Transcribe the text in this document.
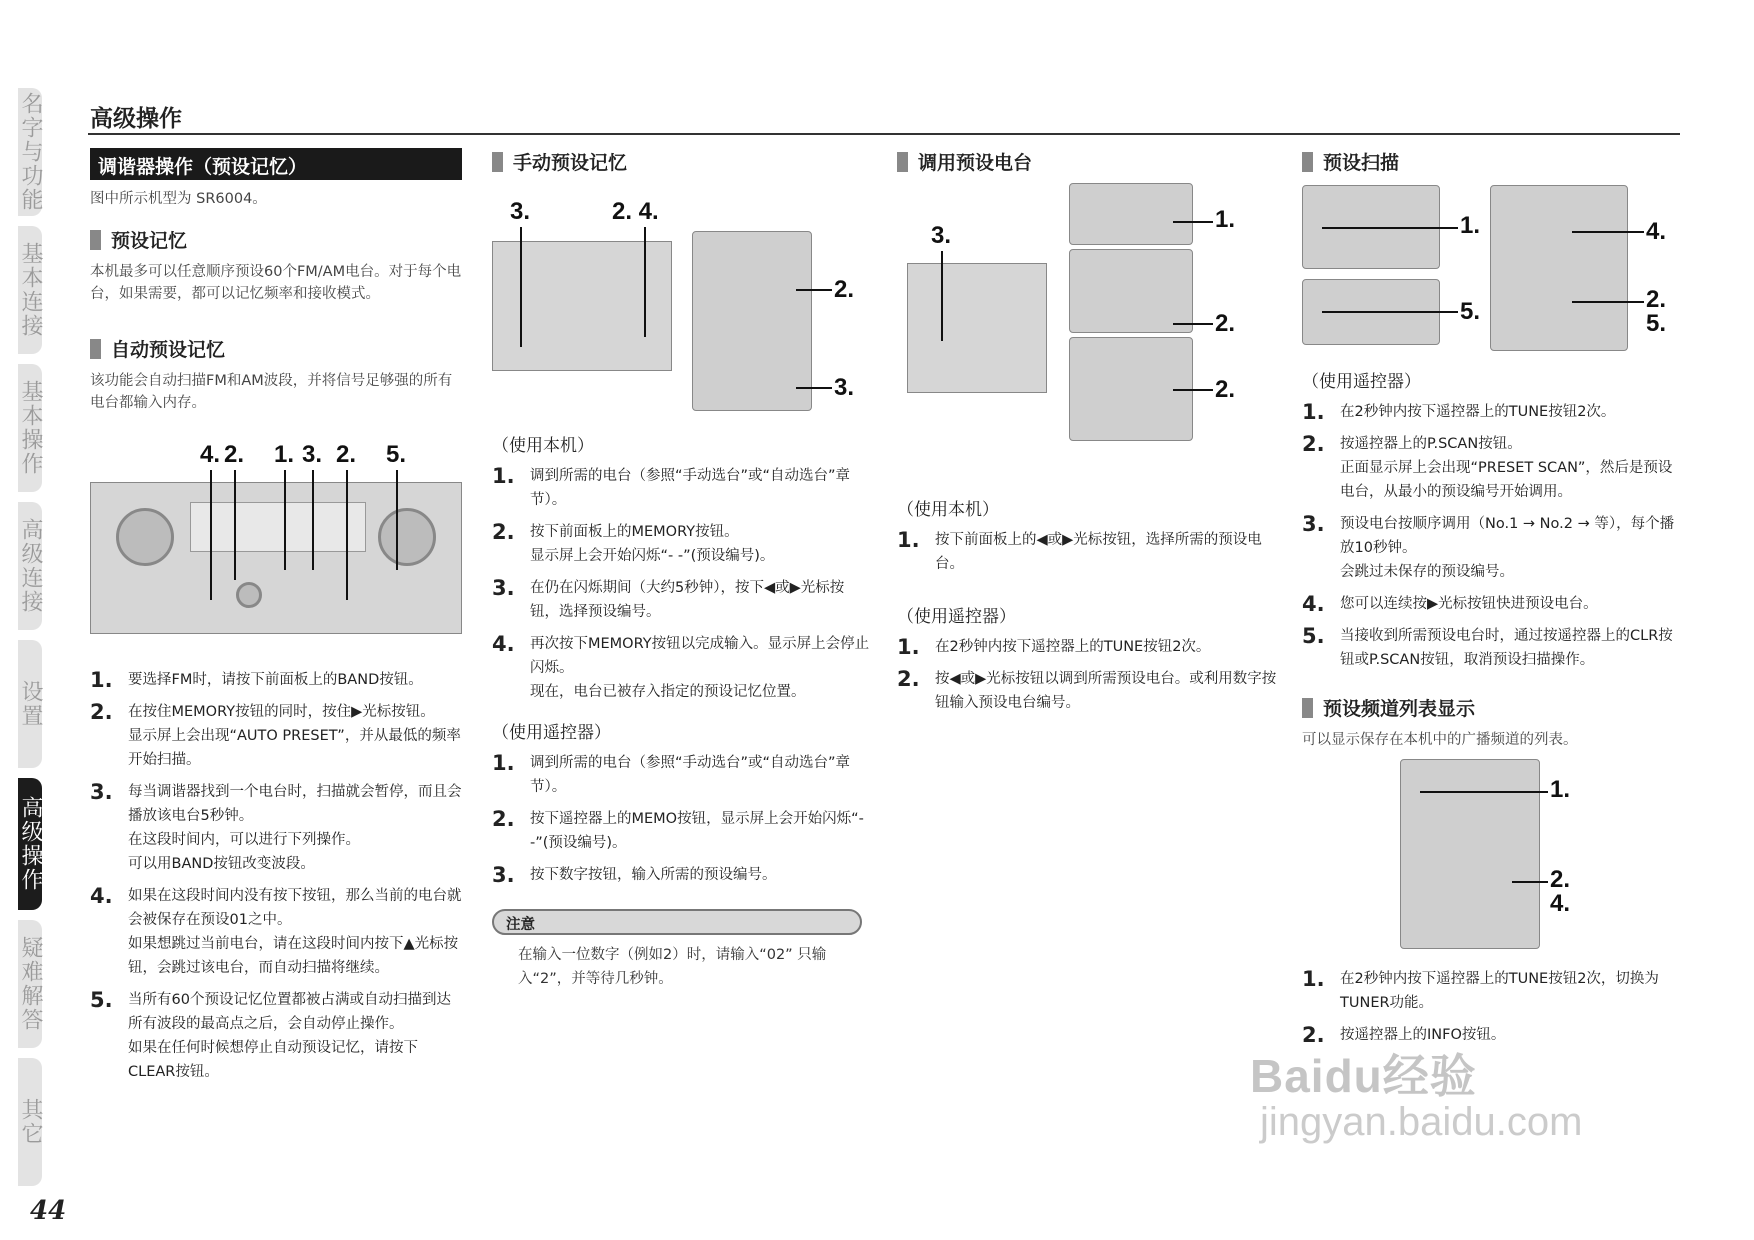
名字与功能
基本连接
基本操作
高级连接
设置
高级操作
疑难解答
其它
44
高级操作
调谐器操作（预设记忆）
图中所示机型为 SR6004。
预设记忆
本机最多可以任意顺序预设60个FM/AM电台。对于每个电台，如果需要，都可以记忆频率和接收模式。
自动预设记忆
该功能会自动扫描FM和AM波段，并将信号足够强的所有电台都输入内存。
4. 2. 1. 3. 2. 5.
1.	要选择FM时，请按下前面板上的BAND按钮。

2.	在按住MEMORY按钮的同时，按住▶光标按钮。

显示屏上会出现“AUTO PRESET”，并从最低的频率开始扫描。

3.	每当调谐器找到一个电台时，扫描就会暂停，而且会播放该电台5秒钟。

在这段时间内，可以进行下列操作。

可以用BAND按钮改变波段。

4.	如果在这段时间内没有按下按钮，那么当前的电台就会被保存在预设01之中。

如果想跳过当前电台，请在这段时间内按下▲光标按钮，会跳过该电台，而自动扫描将继续。

5.	当所有60个预设记忆位置都被占满或自动扫描到达所有波段的最高点之后，会自动停止操作。

如果在任何时候想停止自动预设记忆，请按下CLEAR按钮。

手动预设记忆
3.	2. 4.
2.
3.
（使用本机）
1.	调到所需的电台（参照“手动选台”或“自动选台”章节）。

2.	按下前面板上的MEMORY按钮。

显示屏上会开始闪烁“- -”(预设编号)。

3.	在仍在闪烁期间（大约5秒钟），按下◀或▶光标按钮，选择预设编号。

4.	再次按下MEMORY按钮以完成输入。显示屏上会停止闪烁。

现在，电台已被存入指定的预设记忆位置。

（使用遥控器）
1.	调到所需的电台（参照“手动选台”或“自动选台”章节）。

2.	按下遥控器上的MEMO按钮，显示屏上会开始闪烁“- -”(预设编号)。

3.	按下数字按钮，输入所需的预设编号。

注意
在输入一位数字（例如2）时，请输入“02” 只输入“2”，并等待几秒钟。
调用预设电台
3.
1.
2.
2.
（使用本机）
1.	按下前面板上的◀或▶光标按钮，选择所需的预设电台。

（使用遥控器）
1.	在2秒钟内按下遥控器上的TUNE按钮2次。

2.	按◀或▶光标按钮以调到所需预设电台。或利用数字按钮输入预设电台编号。

预设扫描
1.	4.
5.	2.
5.
（使用遥控器）
1.	在2秒钟内按下遥控器上的TUNE按钮2次。

2.	按遥控器上的P.SCAN按钮。

正面显示屏上会出现“PRESET SCAN”，然后是预设电台，从最小的预设编号开始调用。

3.	预设电台按顺序调用（No.1 → No.2 → 等），每个播放10秒钟。

会跳过未保存的预设编号。

4.	您可以连续按▶光标按钮快进预设电台。

5.	当接收到所需预设电台时，通过按遥控器上的CLR按钮或P.SCAN按钮，取消预设扫描操作。

预设频道列表显示
可以显示保存在本机中的广播频道的列表。
1.
2.
4.
1.	在2秒钟内按下遥控器上的TUNE按钮2次，切换为TUNER功能。

2.	按遥控器上的INFO按钮。

Baidu经验
jingyan.baidu.com
